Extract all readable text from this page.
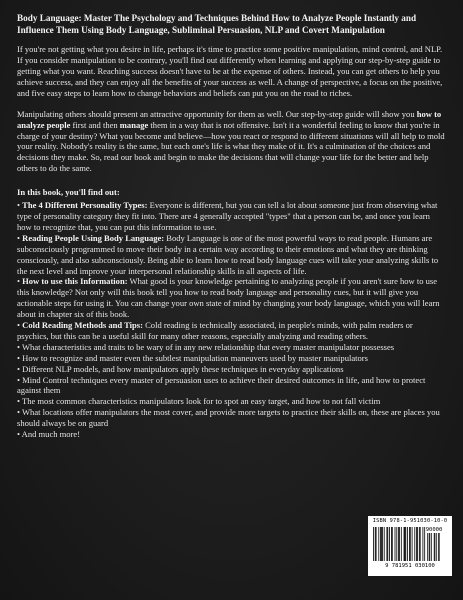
Body Language: Master The Psychology and Techniques Behind How to Analyze People Instantly and Influence Them Using Body Language, Subliminal Persuasion, NLP and Covert Manipulation

If you're not getting what you desire in life, perhaps it's time to practice some positive manipulation, mind control, and NLP. If you consider manipulation to be contrary, you'll find out differently when learning and applying our step-by-step guide to getting what you want. Reaching success doesn't have to be at the expense of others. Instead, you can get others to help you achieve success, and they can enjoy all the benefits of your success as well. A change of perspective, a focus on the positive, and five easy steps to learn how to change behaviors and beliefs can put you on the road to riches.

Manipulating others should present an attractive opportunity for them as well. Our step-by-step guide will show you how to analyze people first and then manage them in a way that is not offensive. Isn't it a wonderful feeling to know that you're in charge of your destiny? What you become and believe—how you react or respond to different situations will all help to mold your reality. Nobody's reality is the same, but each one's life is what they make of it. It's a culmination of the choices and decisions they make. So, read our book and begin to make the decisions that will change your life for the better and help others to do the same.

In this book, you'll find out:
• The 4 Different Personality Types: Everyone is different, but you can tell a lot about someone just from observing what type of personality category they fit into. There are 4 generally accepted "types" that a person can be, and once you learn how to recognize that, you can put this information to use.
• Reading People Using Body Language: Body Language is one of the most powerful ways to read people. Humans are subconsciously programmed to move their body in a certain way according to their emotions and what they are thinking consciously, and also subconsciously. Being able to learn how to read body language cues will take your analyzing skills to the next level and improve your interpersonal relationship skills in all aspects of life.
• How to use this Information: What good is your knowledge pertaining to analyzing people if you aren't sure how to use this knowledge? Not only will this book tell you how to read body language and personality cues, but it will give you actionable steps for using it. You can change your own state of mind by changing your body language, which you will learn about in chapter six of this book.
• Cold Reading Methods and Tips: Cold reading is technically associated, in people's minds, with palm readers or psychics, but this can be a useful skill for many other reasons, especially analyzing and reading others.
• What characteristics and traits to be wary of in any new relationship that every master manipulator possesses
• How to recognize and master even the subtlest manipulation maneuvers used by master manipulators
• Different NLP models, and how manipulators apply these techniques in everyday applications
• Mind Control techniques every master of persuasion uses to achieve their desired outcomes in life, and how to protect against them
• The most common characteristics manipulators look for to spot an easy target, and how to not fall victim
• What locations offer manipulators the most cover, and provide more targets to practice their skills on, these are places you should always be on guard
• And much more!
ISBN 978-1-951030-10-0
90000
9 781951 030100
